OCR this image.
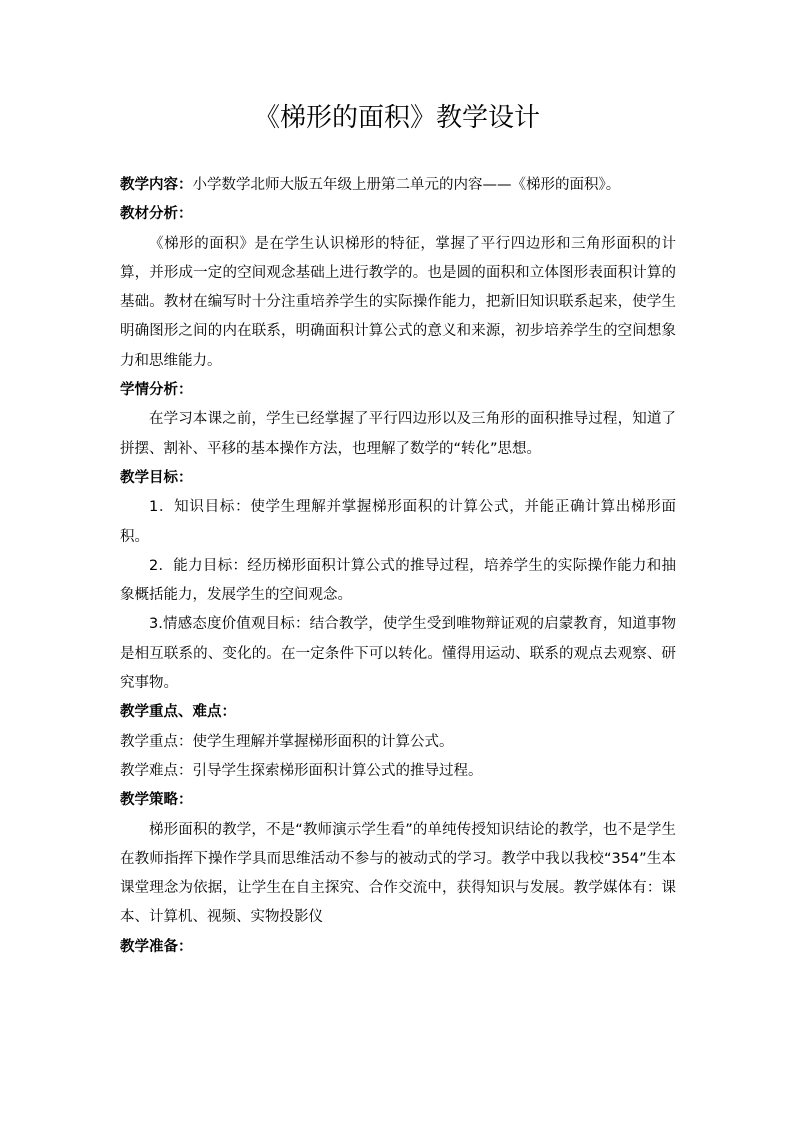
《梯形的面积》教学设计

教学内容：小学数学北师大版五年级上册第二单元的内容——《梯形的面积》。

教材分析：

《梯形的面积》是在学生认识梯形的特征，掌握了平行四边形和三角形面积的计算，并形成一定的空间观念基础上进行教学的。也是圆的面积和立体图形表面积计算的基础。教材在编写时十分注重培养学生的实际操作能力，把新旧知识联系起来，使学生明确图形之间的内在联系，明确面积计算公式的意义和来源，初步培养学生的空间想象力和思维能力。

学情分析：

在学习本课之前，学生已经掌握了平行四边形以及三角形的面积推导过程，知道了拼摆、割补、平移的基本操作方法，也理解了数学的“转化”思想。

教学目标：

1．知识目标：使学生理解并掌握梯形面积的计算公式，并能正确计算出梯形面积。

2．能力目标：经历梯形面积计算公式的推导过程，培养学生的实际操作能力和抽象概括能力，发展学生的空间观念。

3.情感态度价值观目标：结合教学，使学生受到唯物辩证观的启蒙教育，知道事物是相互联系的、变化的。在一定条件下可以转化。懂得用运动、联系的观点去观察、研究事物。

教学重点、难点：

教学重点：使学生理解并掌握梯形面积的计算公式。

教学难点：引导学生探索梯形面积计算公式的推导过程。

教学策略：

梯形面积的教学，不是“教师演示学生看”的单纯传授知识结论的教学，也不是学生在教师指挥下操作学具而思维活动不参与的被动式的学习。教学中我以我校“354”生本课堂理念为依据，让学生在自主探究、合作交流中，获得知识与发展。教学媒体有：课本、计算机、视频、实物投影仪

教学准备：
